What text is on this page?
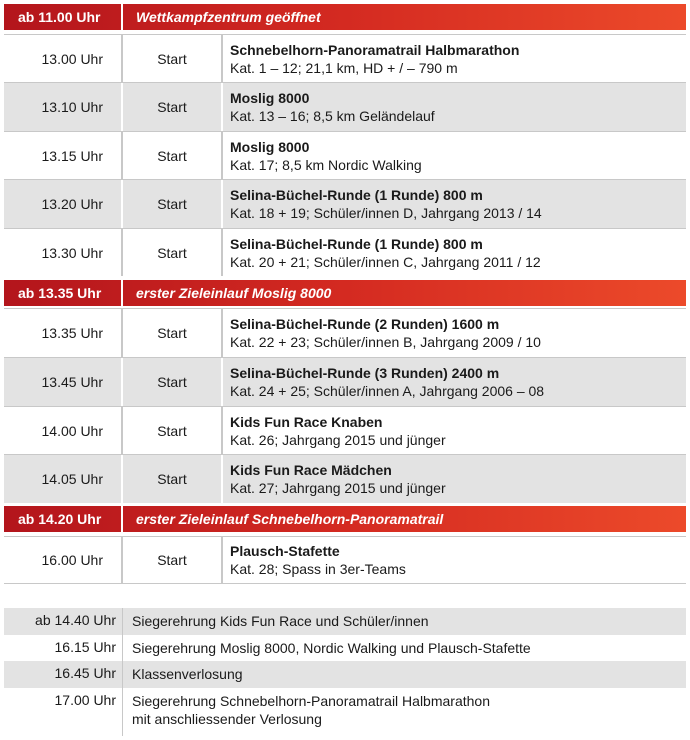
ab 11.00 Uhr	Wettkampfzentrum geöffnet
13.00 Uhr	Start
Schnebelhorn-Panoramatrail Halbmarathon
Kat. 1 – 12; 21,1 km, HD + / – 790 m
13.10 Uhr	Start
Moslig 8000
Kat. 13 – 16; 8,5 km Geländelauf
13.15 Uhr	Start
Moslig 8000
Kat. 17; 8,5 km Nordic Walking
13.20 Uhr	Start
Selina-Büchel-Runde (1 Runde) 800 m
Kat. 18 + 19; Schüler/innen D, Jahrgang 2013 / 14
13.30 Uhr	Start
Selina-Büchel-Runde (1 Runde) 800 m
Kat. 20 + 21; Schüler/innen C, Jahrgang 2011 / 12
ab 13.35 Uhr	erster Zieleinlauf Moslig 8000
13.35 Uhr	Start
Selina-Büchel-Runde (2 Runden) 1600 m
Kat. 22 + 23; Schüler/innen B, Jahrgang 2009 / 10
13.45 Uhr	Start
Selina-Büchel-Runde (3 Runden) 2400 m
Kat. 24 + 25; Schüler/innen A, Jahrgang 2006 – 08
14.00 Uhr	Start
Kids Fun Race Knaben
Kat. 26; Jahrgang 2015 und jünger
14.05 Uhr	Start
Kids Fun Race Mädchen
Kat. 27; Jahrgang 2015 und jünger
ab 14.20 Uhr	erster Zieleinlauf Schnebelhorn-Panoramatrail
16.00 Uhr	Start
Plausch-Stafette
Kat. 28; Spass in 3er-Teams
ab 14.40 Uhr	Siegerehrung Kids Fun Race und Schüler/innen
16.15 Uhr	Siegerehrung Moslig 8000, Nordic Walking und Plausch-Stafette
16.45 Uhr	Klassenverlosung
17.00 Uhr	Siegerehrung Schnebelhorn-Panoramatrail Halbmarathon
mit anschliessender Verlosung
